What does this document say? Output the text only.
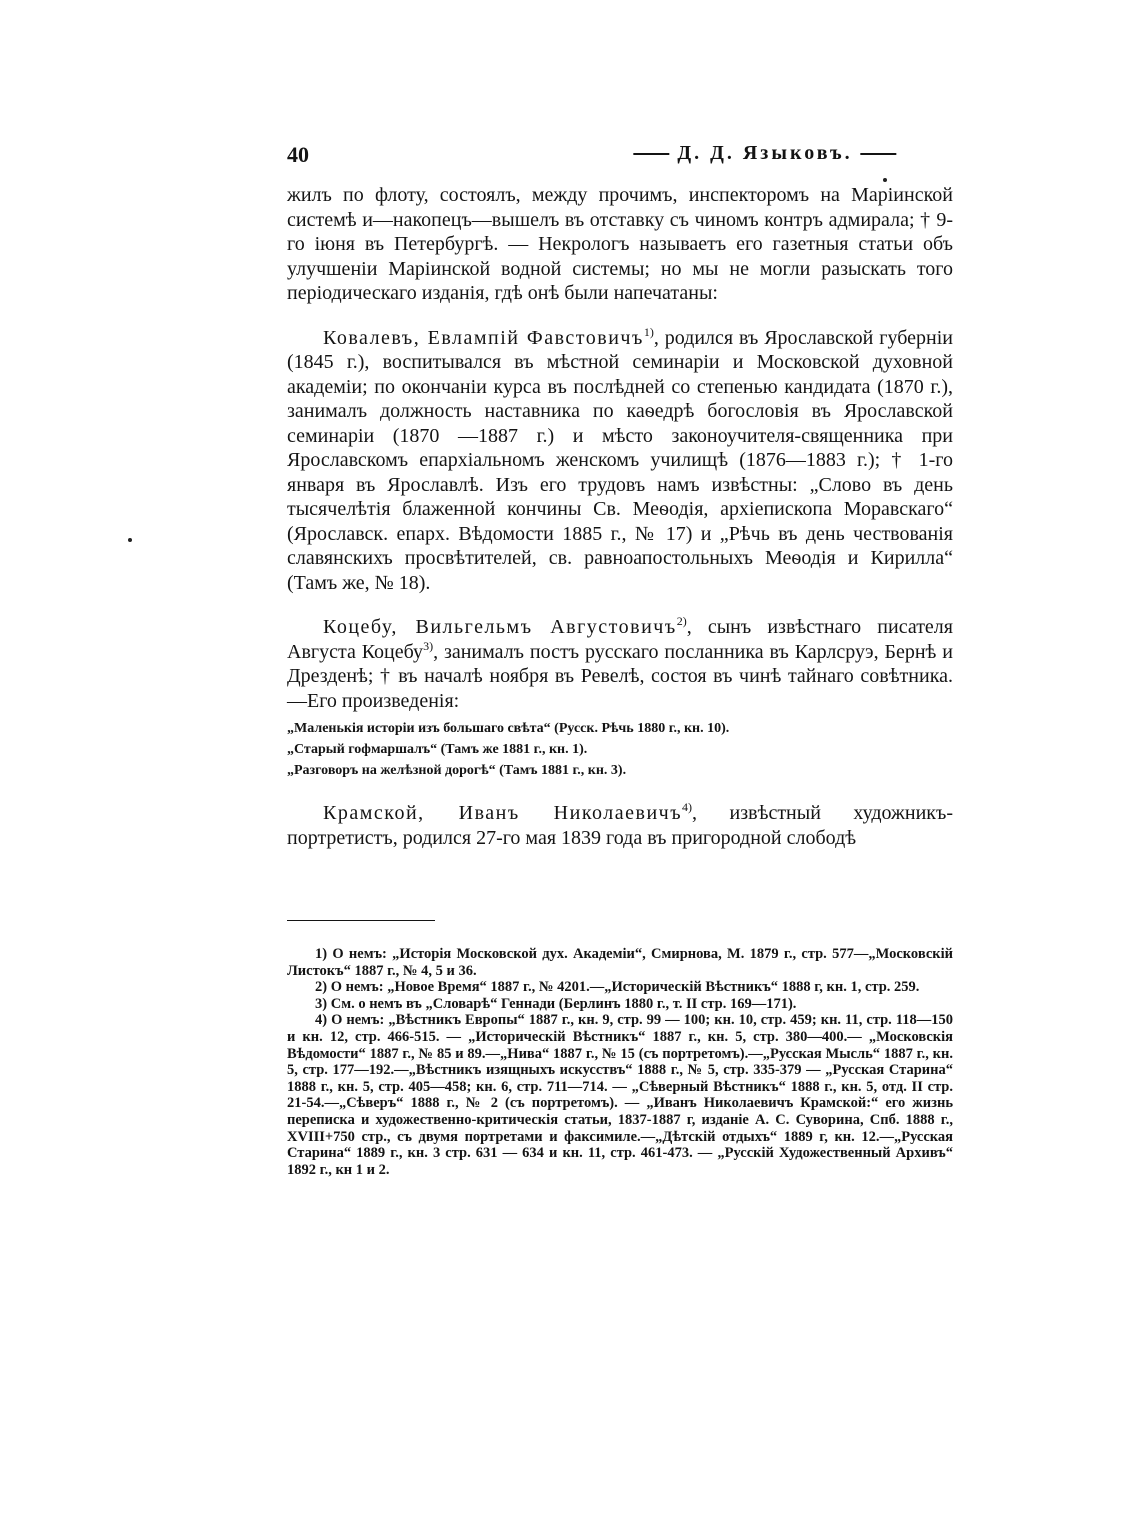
40	Д. Д. Языковъ.

жилъ по флоту, состоялъ, между прочимъ, инспекторомъ на Маріинской системѣ и—накопецъ—вышелъ въ отставку съ чиномъ контръ адмирала; † 9-го іюня въ Петербургѣ. — Некрологъ называетъ его газетныя статьи объ улучшеніи Маріинской водной системы; но мы не могли разыскать того періодическаго изданія, гдѣ онѣ были напечатаны:

Ковалевъ, Евлампій Фавстовичъ$^{1)}$, родился въ Ярославской губерніи (1845 г.), воспитывался въ мѣстной семинаріи и Московской духовной академіи; по окончаніи курса въ послѣдней со степенью кандидата (1870 г.), занималъ должность наставника по каѳедрѣ богословія въ Ярославской семинаріи (1870 —1887 г.) и мѣсто законоучителя-священника при Ярославскомъ епархіальномъ женскомъ училищѣ (1876—1883 г.); † 1-го января въ Ярославлѣ. Изъ его трудовъ намъ извѣстны: „Слово въ день тысячелѣтія блаженной кончины Св. Меѳодія, архіепископа Моравскаго“ (Ярославск. епарх. Вѣдомости 1885 г., № 17) и „Рѣчь въ день чествованія славянскихъ просвѣтителей, св. равноапостольныхъ Меѳодія и Кирилла“ (Тамъ же, № 18).

Коцебу, Вильгельмъ Августовичъ$^{2)}$, сынъ извѣстнаго писателя Августа Коцебу$^{3)}$, занималъ постъ русскаго посланника въ Карлсруэ, Бернѣ и Дрезденѣ; † въ началѣ ноября въ Ревелѣ, состоя въ чинѣ тайнаго совѣтника.—Его произведенія:

„Маленькія исторіи изъ большаго свѣта“ (Русск. Рѣчь 1880 г., кн. 10).
„Старый гофмаршалъ“ (Тамъ же 1881 г., кн. 1).
„Разговоръ на желѣзной дорогѣ“ (Тамъ 1881 г., кн. 3).

Крамской, Иванъ Николаевичъ$^{4)}$, извѣстный художникъ-портретистъ, родился 27-го мая 1839 года въ пригородной слободѣ

1) О немъ: „Исторія Московской дух. Академіи“, Смирнова, М. 1879 г., стр. 577—„Московскій Листокъ“ 1887 г., № 4, 5 и 36.

2) О немъ: „Новое Время“ 1887 г., № 4201.—„Историческій Вѣстникъ“ 1888 г, кн. 1, стр. 259.

3) См. о немъ въ „Словарѣ“ Геннади (Берлинъ 1880 г., т. II стр. 169—171).

4) О немъ: „Вѣстникъ Европы“ 1887 г., кн. 9, стр. 99 — 100; кн. 10, стр. 459; кн. 11, стр. 118—150 и кн. 12, стр. 466-515. — „Историческій Вѣстникъ“ 1887 г., кн. 5, стр. 380—400.— „Московскія Вѣдомости“ 1887 г., № 85 и 89.—„Нива“ 1887 г., № 15 (съ портретомъ).—„Русская Мысль“ 1887 г., кн. 5, стр. 177—192.—„Вѣстникъ изящныхъ искусствъ“ 1888 г., № 5, стр. 335-379 — „Русская Старина“ 1888 г., кн. 5, стр. 405—458; кн. 6, стр. 711—714. — „Сѣверный Вѣстникъ“ 1888 г., кн. 5, отд. II стр. 21-54.—„Сѣверъ“ 1888 г., № 2 (съ портретомъ). — „Иванъ Николаевичъ Крамской:“ его жизнь переписка и художественно-критическія статьи, 1837-1887 г, изданіе А. С. Суворина, Спб. 1888 г., XVIII+750 стр., съ двумя портретами и факсимиле.—„Дѣтскій отдыхъ“ 1889 г, кн. 12.—„Русская Старина“ 1889 г., кн. 3 стр. 631 — 634 и кн. 11, стр. 461-473. — „Русскій Художественный Архивъ“ 1892 г., кн 1 и 2.
